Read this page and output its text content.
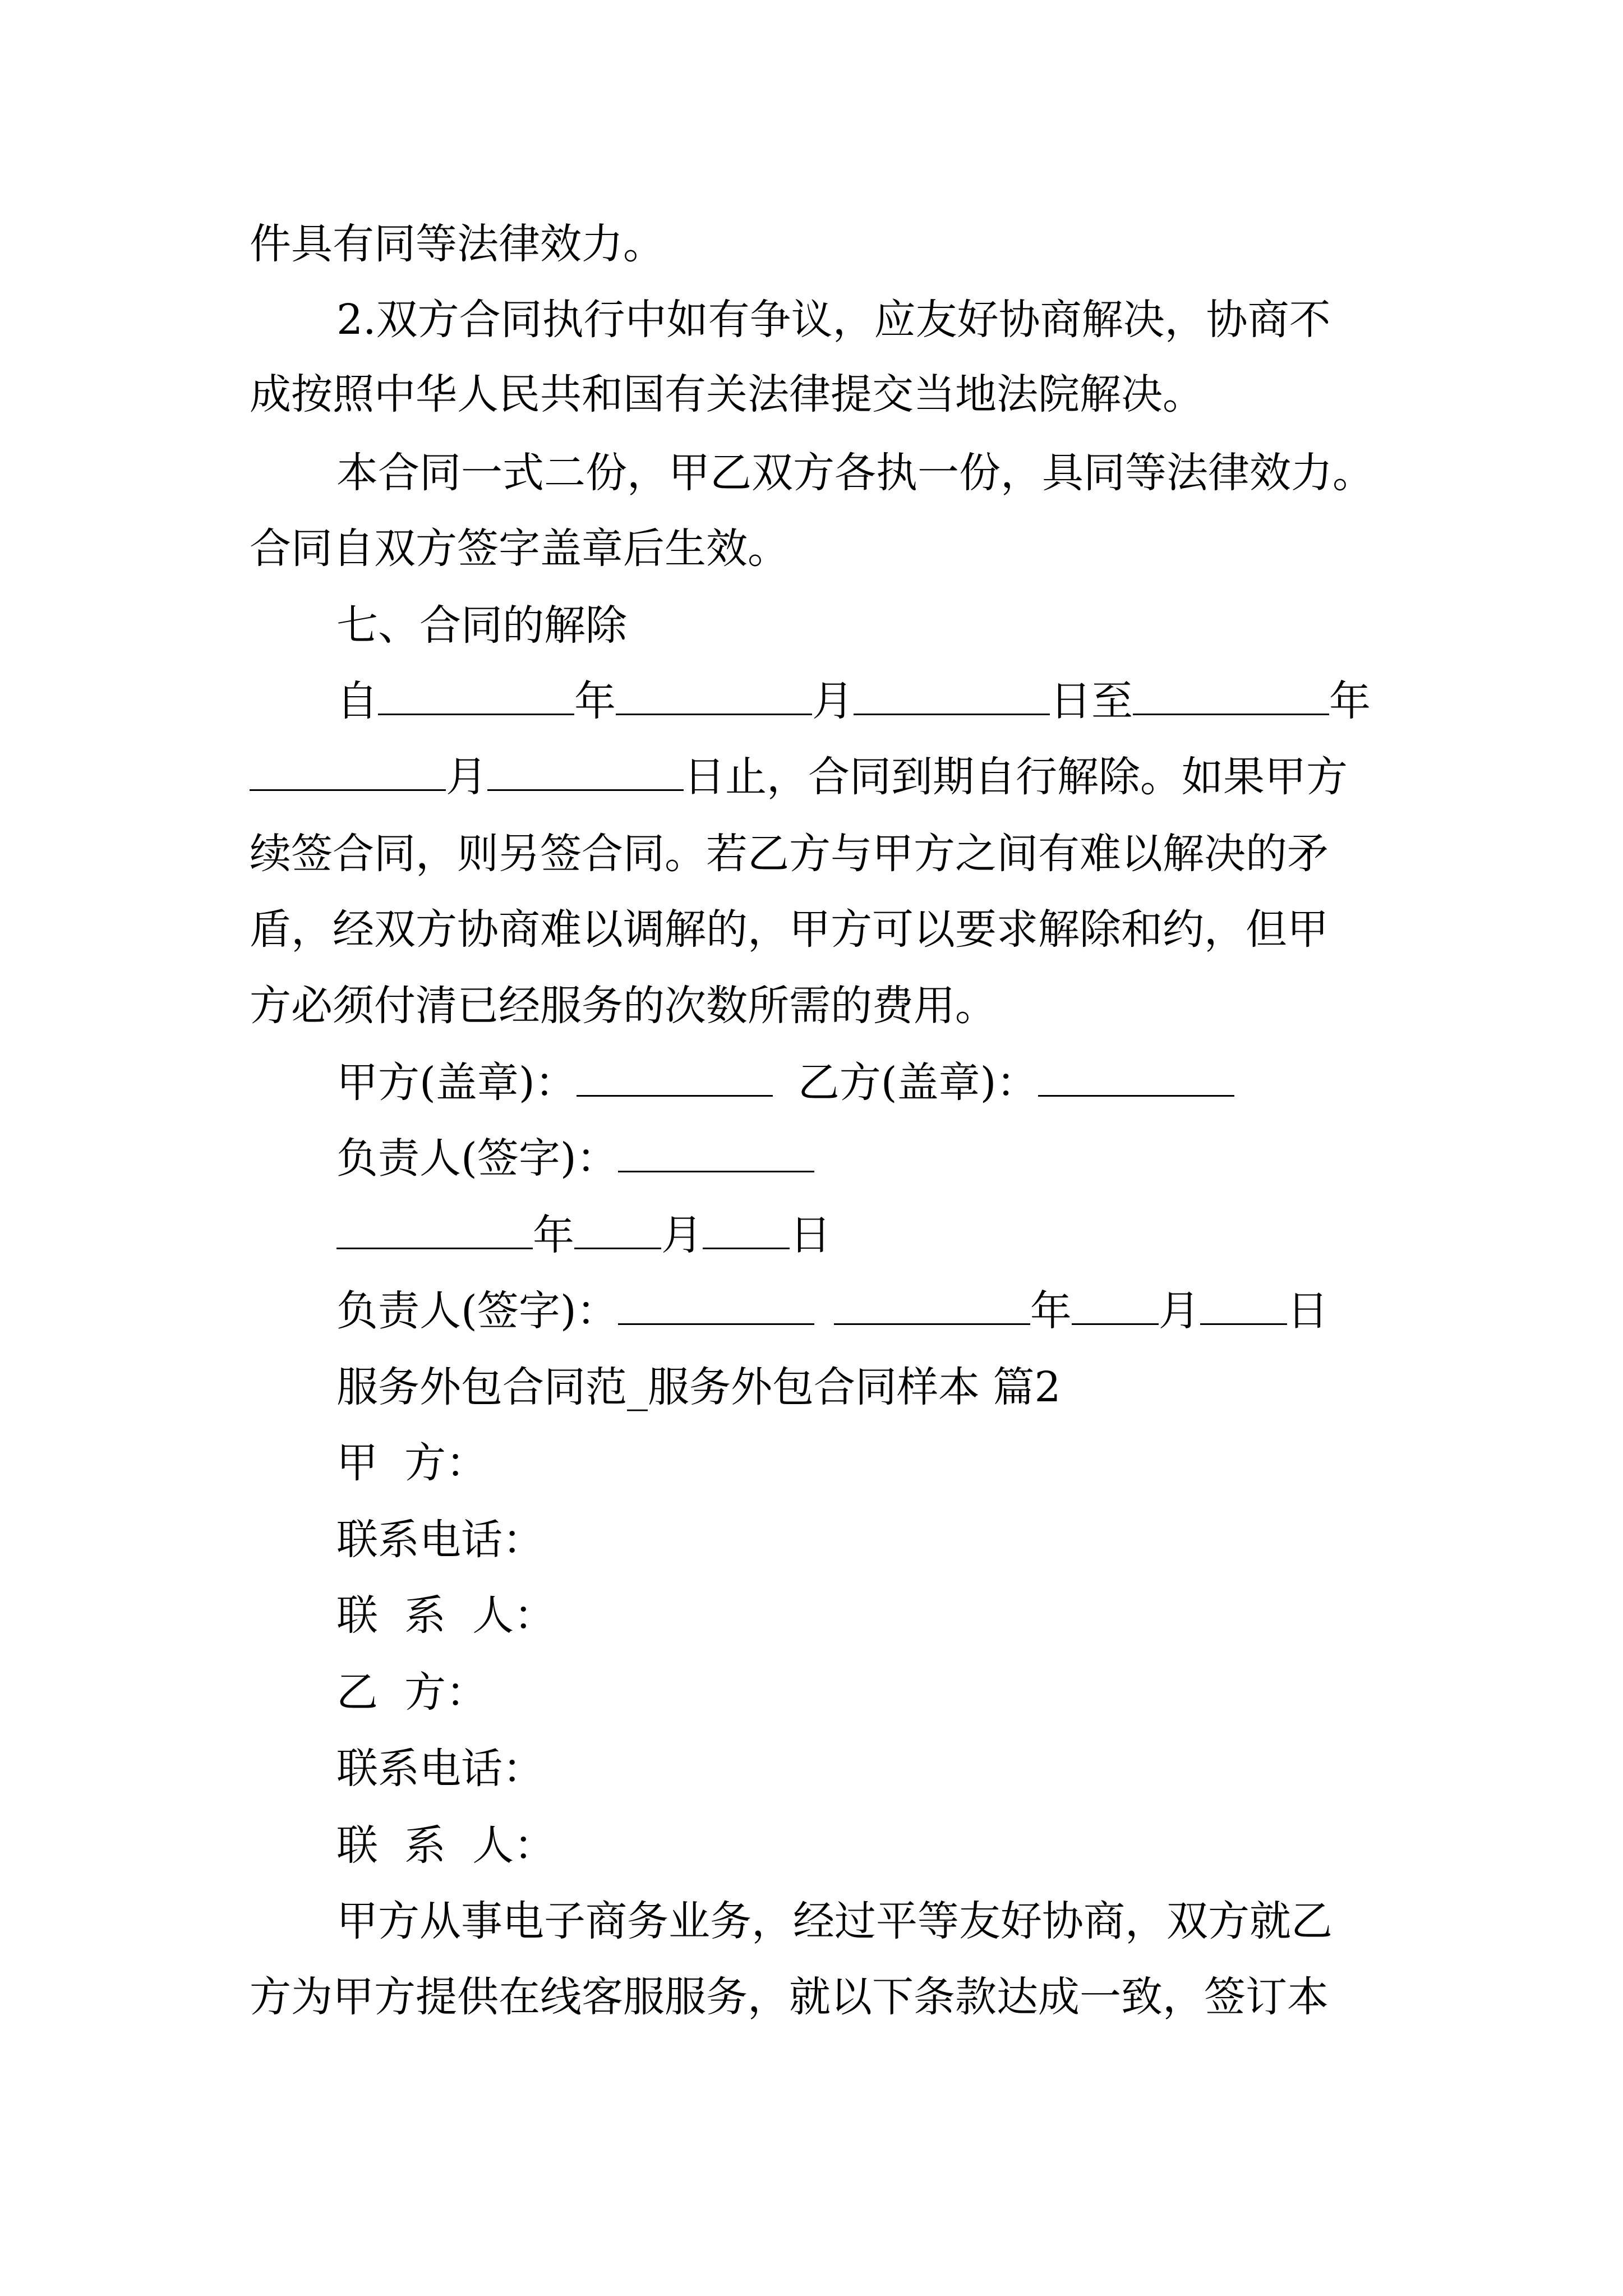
件具有同等法律效力。
2.双方合同执行中如有争议，应友好协商解决，协商不
成按照中华人民共和国有关法律提交当地法院解决。
本合同一式二份，甲乙双方各执一份，具同等法律效力。
合同自双方签字盖章后生效。
七、合同的解除
自	年	月	日至	年
月	日止，合同到期自行解除。如果甲方
续签合同，则另签合同。若乙方与甲方之间有难以解决的矛
盾，经双方协商难以调解的，甲方可以要求解除和约，但甲
方必须付清已经服务的次数所需的费用。
甲方(盖章)：	乙方(盖章)：
负责人(签字)：
年 月 日
负责人(签字)：	年 月 日
服务外包合同范_服务外包合同样本 篇2
甲  方：
联系电话：
联  系  人：
乙  方：
联系电话：
联  系  人：
甲方从事电子商务业务，经过平等友好协商，双方就乙
方为甲方提供在线客服服务，就以下条款达成一致，签订本
